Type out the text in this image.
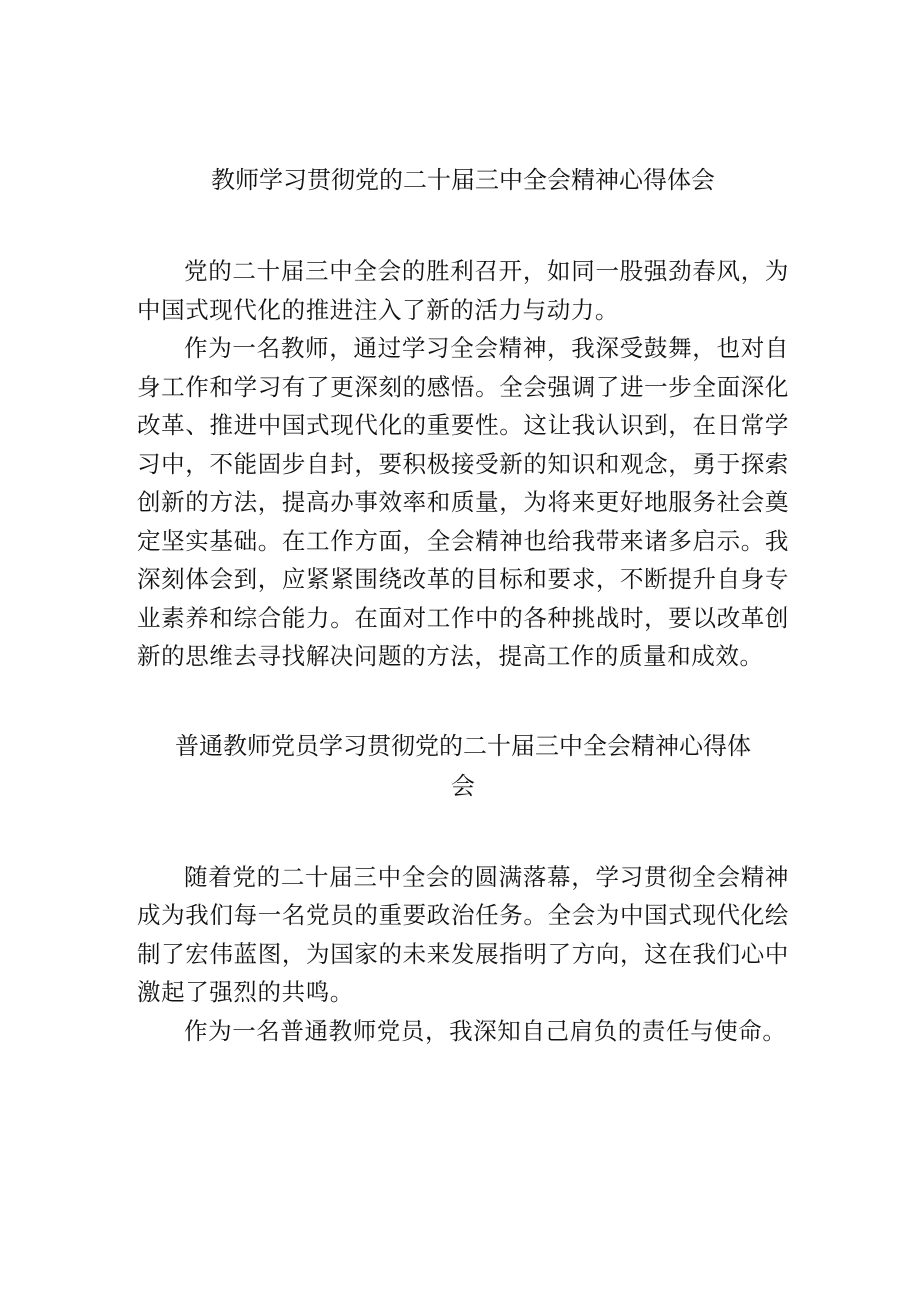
教师学习贯彻党的二十届三中全会精神心得体会

党的二十届三中全会的胜利召开，如同一股强劲春风，为中国式现代化的推进注入了新的活力与动力。

作为一名教师，通过学习全会精神，我深受鼓舞，也对自身工作和学习有了更深刻的感悟。全会强调了进一步全面深化改革、推进中国式现代化的重要性。这让我认识到，在日常学习中，不能固步自封，要积极接受新的知识和观念，勇于探索创新的方法，提高办事效率和质量，为将来更好地服务社会奠定坚实基础。在工作方面，全会精神也给我带来诸多启示。我深刻体会到，应紧紧围绕改革的目标和要求，不断提升自身专业素养和综合能力。在面对工作中的各种挑战时，要以改革创新的思维去寻找解决问题的方法，提高工作的质量和成效。

普通教师党员学习贯彻党的二十届三中全会精神心得体会

随着党的二十届三中全会的圆满落幕，学习贯彻全会精神成为我们每一名党员的重要政治任务。全会为中国式现代化绘制了宏伟蓝图，为国家的未来发展指明了方向，这在我们心中激起了强烈的共鸣。

作为一名普通教师党员，我深知自己肩负的责任与使命。
